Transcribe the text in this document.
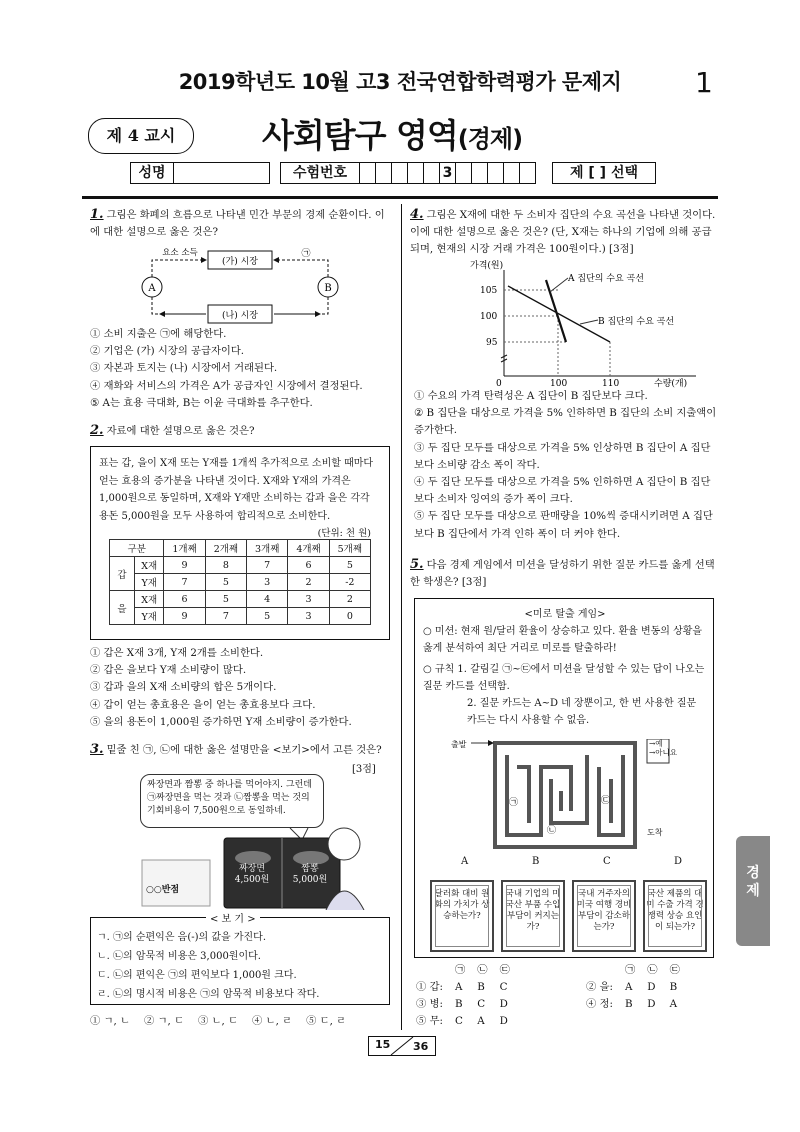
2019학년도 10월 고3 전국연합학력평가 문제지	1
제 4 교시	사회탐구 영역(경제)
성명	수험번호	3	제 [ ] 선택
1. 그림은 화폐의 흐름으로 나타낸 민간 부문의 경제 순환이다. 이에 대한 설명으로 옳은 것은?
(가) 시장
(나) 시장
A	B
요소 소득	㉠
① 소비 지출은 ㉠에 해당한다.
② 기업은 (가) 시장의 공급자이다.
③ 자본과 토지는 (나) 시장에서 거래된다.
④ 재화와 서비스의 가격은 A가 공급자인 시장에서 결정된다.
⑤ A는 효용 극대화, B는 이윤 극대화를 추구한다.
2. 자료에 대한 설명으로 옳은 것은?
표는 갑, 을이 X재 또는 Y재를 1개씩 추가적으로 소비할 때마다 얻는 효용의 증가분을 나타낸 것이다. X재와 Y재의 가격은 1,000원으로 동일하며, X재와 Y재만 소비하는 갑과 을은 각각 용돈 5,000원을 모두 사용하여 합리적으로 소비한다.
(단위: 천 원)
구분		1개째	2개째	3개째	4개째	5개째
갑	X재	9	8	7	6	5
	Y재	7	5	3	2	-2
을	X재	6	5	4	3	2
	Y재	9	7	5	3	0
① 갑은 X재 3개, Y재 2개를 소비한다.
② 갑은 을보다 Y재 소비량이 많다.
③ 갑과 을의 X재 소비량의 합은 5개이다.
④ 갑이 얻는 총효용은 을이 얻는 총효용보다 크다.
⑤ 을의 용돈이 1,000원 증가하면 Y재 소비량이 증가한다.
3. 밑줄 친 ㉠, ㉡에 대한 옳은 설명만을 <보기>에서 고른 것은?
[3점]
짜장면과 짬뽕 중 하나를 먹어야지. 그런데 ㉠짜장면을 먹는 것과 ㉡짬뽕을 먹는 것의 기회비용이 7,500원으로 동일하네.
짜장면
4,500원
짬뽕
5,000원
○○반점
< 보 기 >
ㄱ. ㉠의 순편익은 음(-)의 값을 가진다.
ㄴ. ㉡의 암묵적 비용은 3,000원이다.
ㄷ. ㉡의 편익은 ㉠의 편익보다 1,000원 크다.
ㄹ. ㉡의 명시적 비용은 ㉠의 암묵적 비용보다 작다.
① ㄱ, ㄴ ② ㄱ, ㄷ ③ ㄴ, ㄷ ④ ㄴ, ㄹ ⑤ ㄷ, ㄹ
4. 그림은 X재에 대한 두 소비자 집단의 수요 곡선을 나타낸 것이다. 이에 대한 설명으로 옳은 것은? (단, X재는 하나의 기업에 의해 공급되며, 현재의 시장 거래 가격은 100원이다.) [3점]
가격(원)
105
100
95
0	100	110	수량(개)
A 집단의 수요 곡선
B 집단의 수요 곡선
① 수요의 가격 탄력성은 A 집단이 B 집단보다 크다.
② B 집단을 대상으로 가격을 5% 인하하면 B 집단의 소비 지출액이 증가한다.
③ 두 집단 모두를 대상으로 가격을 5% 인상하면 B 집단이 A 집단보다 소비량 감소 폭이 작다.
④ 두 집단 모두를 대상으로 가격을 5% 인하하면 A 집단이 B 집단보다 소비자 잉여의 증가 폭이 크다.
⑤ 두 집단 모두를 대상으로 판매량을 10%씩 증대시키려면 A 집단보다 B 집단에서 가격 인하 폭이 더 커야 한다.
5. 다음 경제 게임에서 미션을 달성하기 위한 질문 카드를 옳게 선택한 학생은? [3점]
<미로 탈출 게임>
○ 미션: 현재 원/달러 환율이 상승하고 있다. 환율 변동의 상황을 옳게 분석하여 최단 거리로 미로를 탈출하라!
○ 규칙 1. 갈림길 ㉠~㉢에서 미션을 달성할 수 있는 답이 나오는 질문 카드를 선택함.
2. 질문 카드는 A~D 네 장뿐이고, 한 번 사용한 질문 카드는 다시 사용할 수 없음.
출발
도착
㉠
㉡
㉢
→예
→아니요
A	B	C	D
달러화 대비 원화의 가치가 상승하는가?
국내 기업의 미국산 부품 수입 부담이 커지는가?
국내 거주자의 미국 여행 경비 부담이 감소하는가?
국산 제품의 대미 수출 가격 경쟁력 상승 요인이 되는가?
	㉠	㉡	㉢
① 갑:	A	B	C
③ 병:	B	C	D
⑤ 무:	C	A	D
	㉠	㉡	㉢
② 을:	A	D	B
④ 정:	B	D	A
경
제
15 36
